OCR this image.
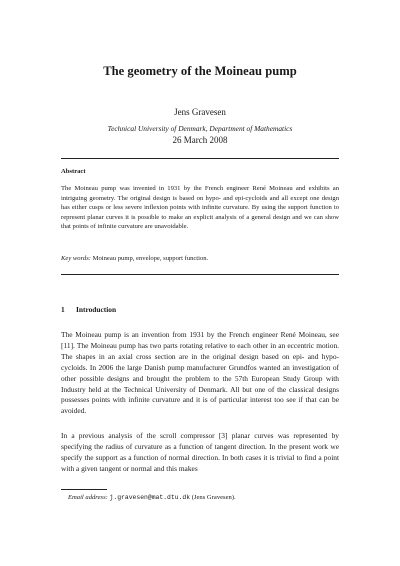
The geometry of the Moineau pump
Jens Gravesen
Technical University of Denmark, Department of Mathematics
26 March 2008
Abstract
The Moineau pump was invented in 1931 by the French engineer René Moineau and exhibits an intriguing geometry. The original design is based on hypo- and epi-cycloids and all except one design has either cusps or less severe inflexion points with infinite curvature. By using the support function to represent planar curves it is possible to make an explicit analysis of a general design and we can show that points of infinite curvature are unavoidable.
Key words: Moineau pump, envelope, support function.
1 Introduction
The Moineau pump is an invention from 1931 by the French engineer René Moineau, see [11]. The Moineau pump has two parts rotating relative to each other in an eccentric motion. The shapes in an axial cross section are in the original design based on epi- and hypo-cycloids. In 2006 the large Danish pump manufacturer Grundfos wanted an investigation of other possible designs and brought the problem to the 57th European Study Group with Industry held at the Technical University of Denmark. All but one of the classical designs possesses points with infinite curvature and it is of particular interest too see if that can be avoided.
In a previous analysis of the scroll compressor [3] planar curves was represented by specifying the radius of curvature as a function of tangent direction. In the present work we specify the support as a function of normal direction. In both cases it is trivial to find a point with a given tangent or normal and this makes
Email address: j.gravesen@mat.dtu.dk (Jens Gravesen).
